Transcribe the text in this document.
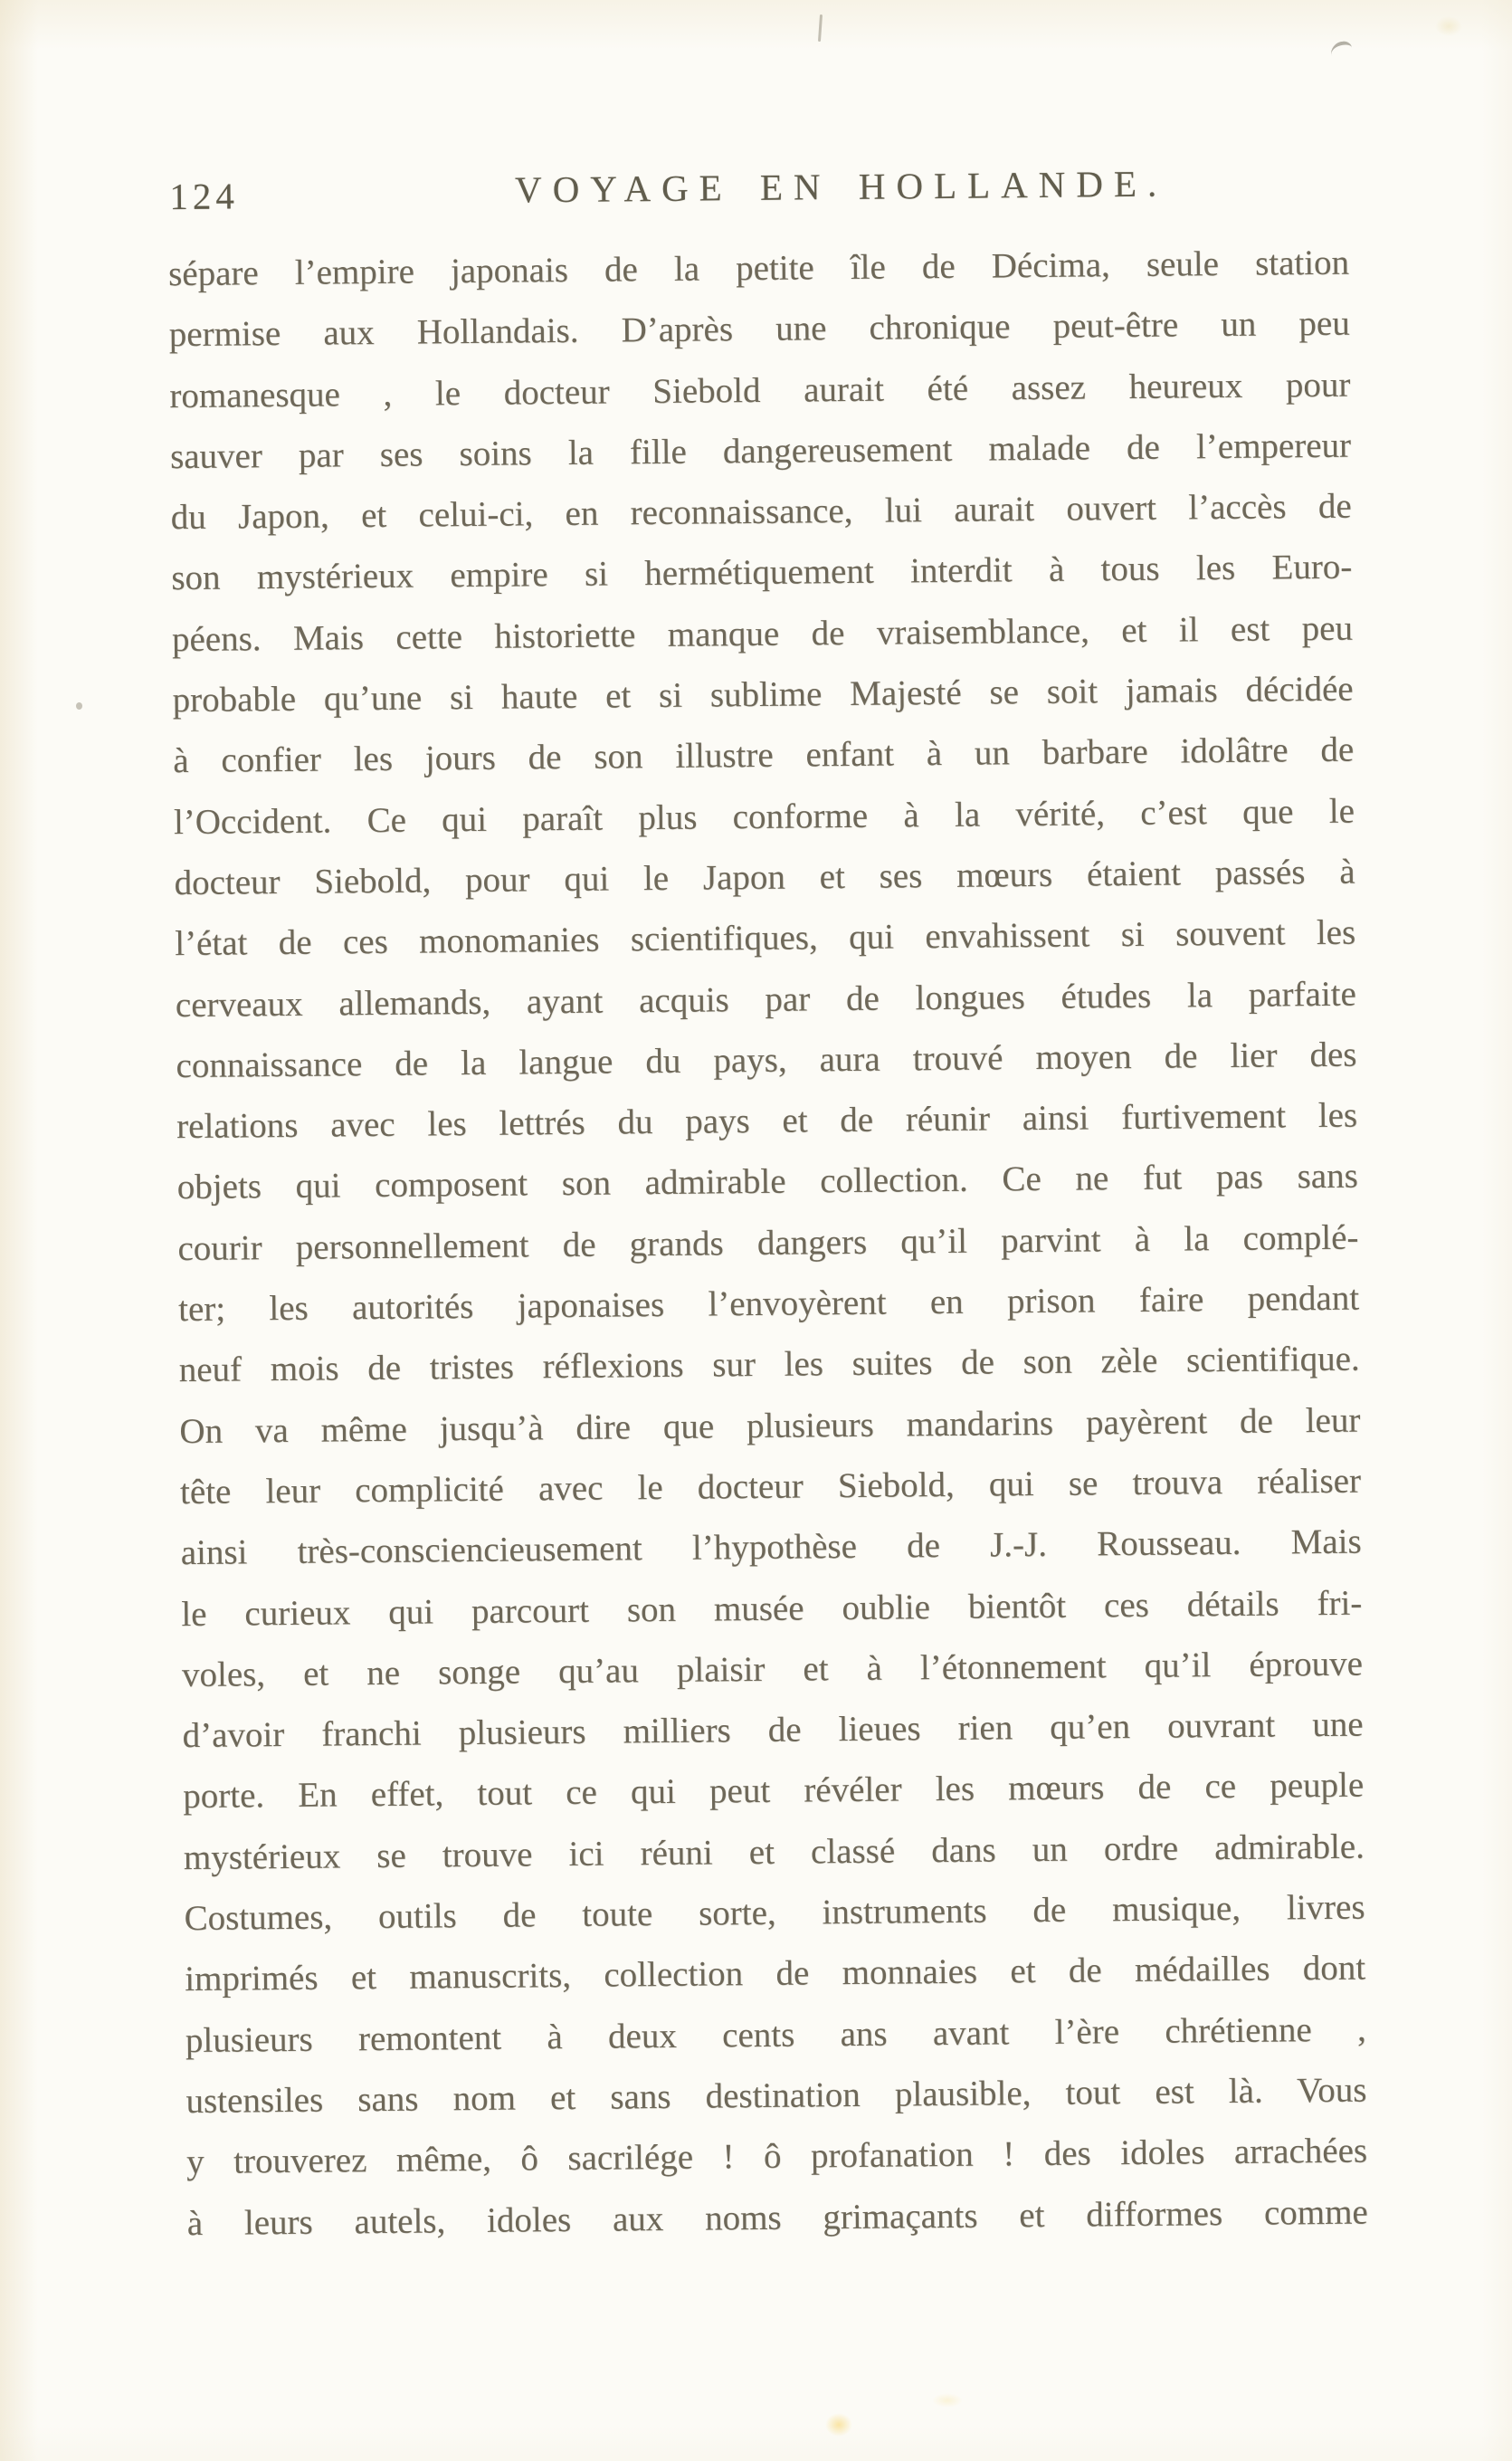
124	VOYAGE EN HOLLANDE.
sépare l’empire japonais de la petite île de Décima, seule station
permise aux Hollandais. D’après une chronique peut-être un peu
romanesque , le docteur Siebold aurait été assez heureux pour
sauver par ses soins la fille dangereusement malade de l’empereur
du Japon, et celui-ci, en reconnaissance, lui aurait ouvert l’accès de
son mystérieux empire si hermétiquement interdit à tous les Euro-
péens. Mais cette historiette manque de vraisemblance, et il est peu
probable qu’une si haute et si sublime Majesté se soit jamais décidée
à confier les jours de son illustre enfant à un barbare idolâtre de
l’Occident. Ce qui paraît plus conforme à la vérité, c’est que le
docteur Siebold, pour qui le Japon et ses mœurs étaient passés à
l’état de ces monomanies scientifiques, qui envahissent si souvent les
cerveaux allemands, ayant acquis par de longues études la parfaite
connaissance de la langue du pays, aura trouvé moyen de lier des
relations avec les lettrés du pays et de réunir ainsi furtivement les
objets qui composent son admirable collection. Ce ne fut pas sans
courir personnellement de grands dangers qu’il parvint à la complé-
ter; les autorités japonaises l’envoyèrent en prison faire pendant
neuf mois de tristes réflexions sur les suites de son zèle scientifique.
On va même jusqu’à dire que plusieurs mandarins payèrent de leur
tête leur complicité avec le docteur Siebold, qui se trouva réaliser
ainsi très-consciencieusement l’hypothèse de J.-J. Rousseau. Mais
le curieux qui parcourt son musée oublie bientôt ces détails fri-
voles, et ne songe qu’au plaisir et à l’étonnement qu’il éprouve
d’avoir franchi plusieurs milliers de lieues rien qu’en ouvrant une
porte. En effet, tout ce qui peut révéler les mœurs de ce peuple
mystérieux se trouve ici réuni et classé dans un ordre admirable.
Costumes, outils de toute sorte, instruments de musique, livres
imprimés et manuscrits, collection de monnaies et de médailles dont
plusieurs remontent à deux cents ans avant l’ère chrétienne ,
ustensiles sans nom et sans destination plausible, tout est là. Vous
y trouverez même, ô sacrilége ! ô profanation ! des idoles arrachées
à leurs autels, idoles aux noms grimaçants et difformes comme
